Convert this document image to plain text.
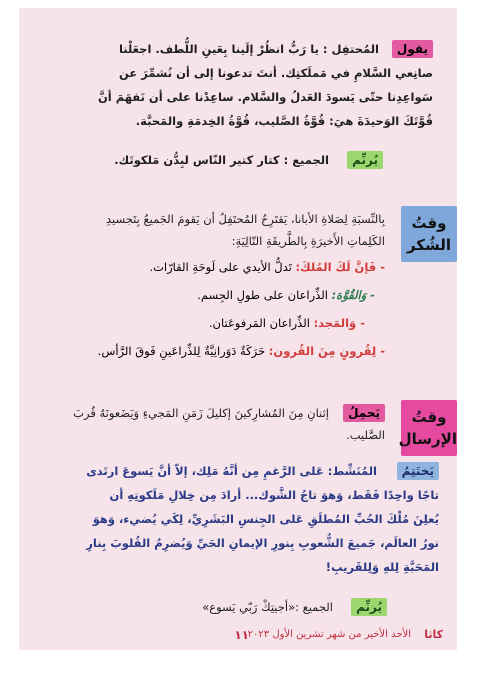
يقول
المُحتفِل : يا رَبُّ انظُرْ إلَينا بِعَينِ اللُّطف. اجعَلْنا
صانِعي السَّلامِ في مَملَكتِك. أنتَ تدعونا إلى أن نُشمِّرَ عن
سَواعِدِنا حتّى يَسودَ العَدلُ والسَّلام. ساعِدْنا على أن نَفهَمَ أنَّ
قُوَّتَكَ الوَحيدَةَ هيَ: قُوَّةُ الصَّليب، قُوَّةُ الخِدمَةِ والمَحبَّة.
يُرنِّم
الجميع : كتار كتير النّاس لبِدُّن مَلكوتَك.
وقتُ
الشُكر
بِالنِّسبَةِ لِصَلاةِ الأبانا، يَقتَرِحُ المُحتَفِلُ أن يَقومَ الجَميعُ بِتَجسيدِ
الكَلِماتِ الأَخيرَةِ بِالطَّريقَةِ التّالِيَةِ:
- فَإنَّ لَكَ المُلكَ: تَدلُّ الأيدي على لَوحَةِ القارّات.
- وَالقُوَّة: الذِّراعان على طولِ الجِسم.
- وَالمَجد: الذِّراعان المَرفوعَتان.
- لِقُرونٍ مِنَ القُرون: حَرَكَةٌ دَوَرانِيَّةٌ لِلذِّراعَينِ فَوقَ الرَّأس.
وقتُ
الإرسال
يَحمِلُ
إثنانِ مِنَ المُشارِكينَ إكليلَ زَمَنِ المَجيءِ وَيَضَعونَهُ قُربَ
الصَّليب.
يَختَتِمُ
المُنَشِّط: عَلى الرَّغمِ مِن أنَّهُ مَلِك، إلاّ أنَّ يَسوعَ ارتَدى
تاجًا واحِدًا فَقَط، وَهوَ تاجُ الشَّوك... أرادَ مِن خِلالِ مَلَكوتِهِ أن
يُعلِنَ مُلْكَ الحُبِّ المُطلَقِ عَلى الجِنسِ البَشَرِيِّ، لِكَي يُضيء، وَهوَ
نورُ العالَم، جَميعَ الشُّعوبِ بِنورِ الإيمانِ الحَيِّ وَيُضرِمُ القُلوبَ بِنارِ
المَحَبَّةِ لِلهِ وَلِلقَريبِ!
يُرنِّم
الجميع :«أجيتِكْ رَبّي يَسوع»
كاثا
الأحد الأخير من شهر تشرين الأول ٢٠٢٣
١١
